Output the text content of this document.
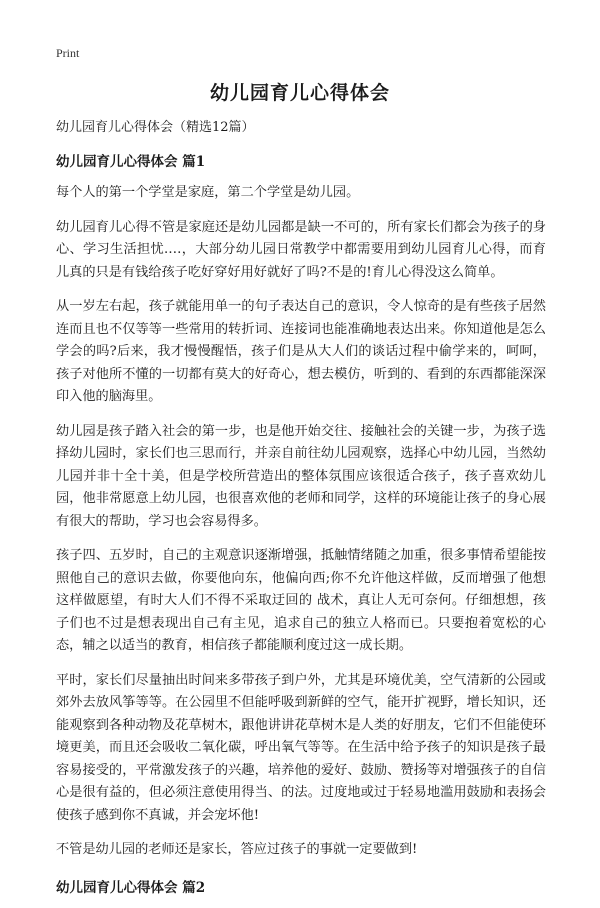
Print
幼儿园育儿心得体会
幼儿园育儿心得体会（精选12篇）
幼儿园育儿心得体会 篇1

每个人的第一个学堂是家庭，第二个学堂是幼儿园。

幼儿园育儿心得不管是家庭还是幼儿园都是缺一不可的，所有家长们都会为孩子的身心、学习生活担忧.…，大部分幼儿园日常教学中都需要用到幼儿园育儿心得，而育儿真的只是有钱给孩子吃好穿好用好就好了吗?不是的!育儿心得没这么简单。

从一岁左右起，孩子就能用单一的句子表达自己的意识，令人惊奇的是有些孩子居然连而且也不仅等等一些常用的转折词、连接词也能准确地表达出来。你知道他是怎么学会的吗?后来，我才慢慢醒悟，孩子们是从大人们的谈话过程中偷学来的，呵呵，孩子对他所不懂的一切都有莫大的好奇心，想去模仿，听到的、看到的东西都能深深印入他的脑海里。

幼儿园是孩子踏入社会的第一步，也是他开始交往、接触社会的关键一步，为孩子选择幼儿园时，家长们也三思而行，并亲自前往幼儿园观察，选择心中幼儿园，当然幼儿园并非十全十美，但是学校所营造出的整体氛围应该很适合孩子，孩子喜欢幼儿园，他非常愿意上幼儿园，也很喜欢他的老师和同学，这样的环境能让孩子的身心展有很大的帮助，学习也会容易得多。

孩子四、五岁时，自己的主观意识逐渐增强，抵触情绪随之加重，很多事情希望能按照他自己的意识去做，你要他向东，他偏向西;你不允许他这样做，反而增强了他想这样做愿望，有时大人们不得不采取迂回的 战术，真让人无可奈何。仔细想想，孩子们也不过是想表现出自己有主见，追求自己的独立人格而已。只要抱着宽松的心态，辅之以适当的教育，相信孩子都能顺利度过这一成长期。

平时，家长们尽量抽出时间来多带孩子到户外，尤其是环境优美，空气清新的公园或郊外去放风筝等等。在公园里不但能呼吸到新鲜的空气，能开扩视野，增长知识，还能观察到各种动物及花草树木，跟他讲讲花草树木是人类的好朋友，它们不但能使环境更美，而且还会吸收二氧化碳，呼出氧气等等。在生活中给予孩子的知识是孩子最容易接受的，平常激发孩子的兴趣，培养他的爱好、鼓励、赞扬等对增强孩子的自信心是很有益的，但必须注意使用得当、的法。过度地或过于轻易地滥用鼓励和表扬会使孩子感到你不真诚，并会宠坏他!

不管是幼儿园的老师还是家长，答应过孩子的事就一定要做到!

幼儿园育儿心得体会 篇2
